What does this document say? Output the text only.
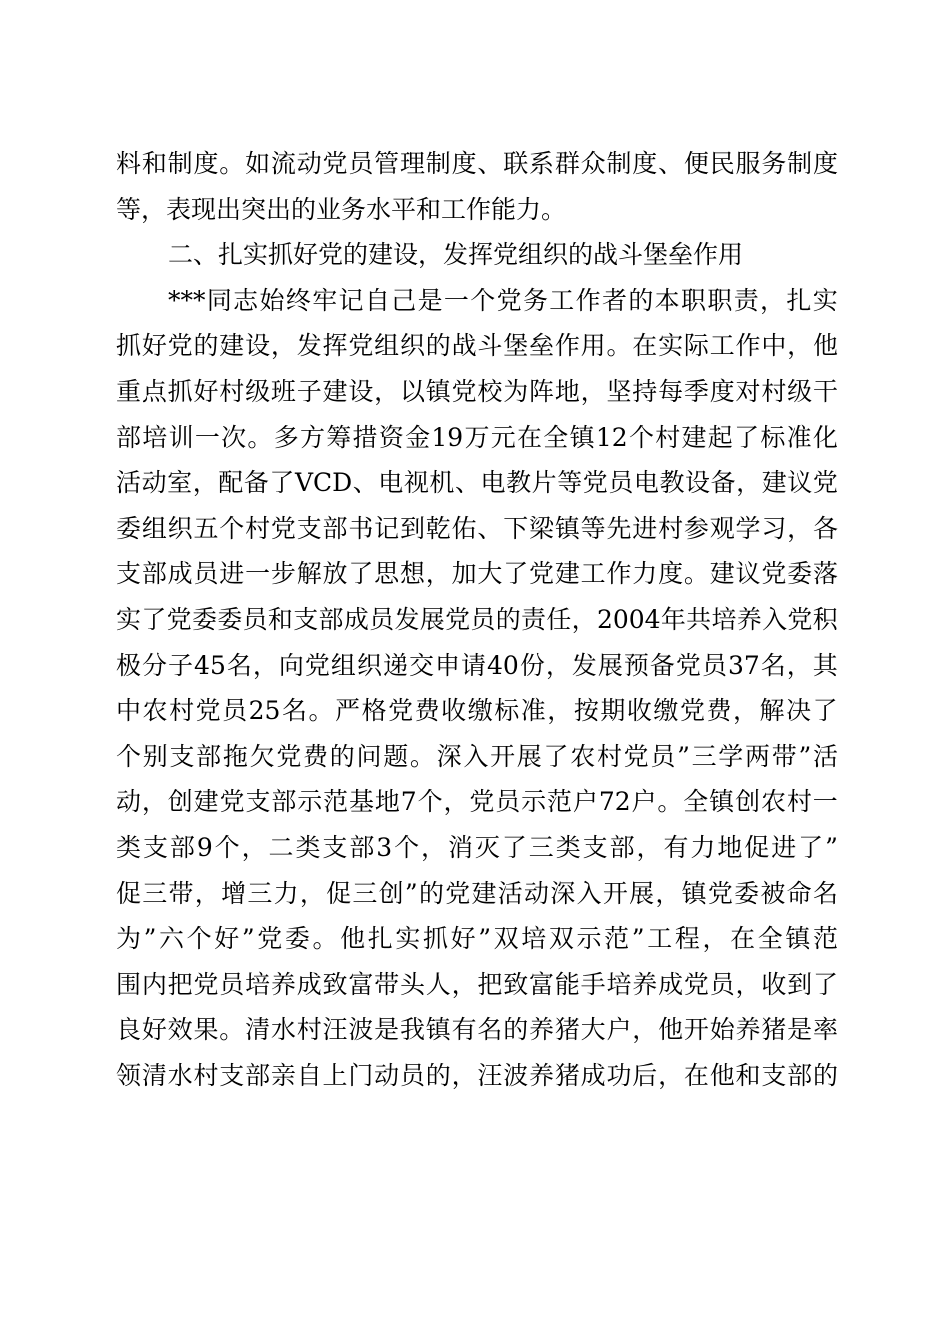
料 和 制 度 。 如 流 动 党 员 管 理 制 度 、 联 系 群 众 制 度 、 便 民 服 务 制 度
等，表现出突出的业务水平和工作能力。
二、扎实抓好党的建设，发挥党组织的战斗堡垒作用
*** 同 志 始 终 牢 记 自 己 是 一 个 党 务 工 作 者 的 本 职 职 责 ， 扎 实
抓 好 党 的 建 设 ， 发 挥 党 组 织 的 战 斗 堡 垒 作 用 。 在 实 际 工 作 中 ， 他
重 点 抓 好 村 级 班 子 建 设 ， 以 镇 党 校 为 阵 地 ， 坚 持 每 季 度 对 村 级 干
部 培 训 一 次 。 多 方 筹 措 资 金 19 万 元 在 全 镇 12 个 村 建 起 了 标 准 化
活 动 室 ， 配 备 了 VCD 、 电 视 机 、 电 教 片 等 党 员 电 教 设 备 ， 建 议 党
委 组 织 五 个 村 党 支 部 书 记 到 乾 佑 、 下 梁 镇 等 先 进 村 参 观 学 习 ， 各
支 部 成 员 进 一 步 解 放 了 思 想 ， 加 大 了 党 建 工 作 力 度 。 建 议 党 委 落
实 了 党 委 委 员 和 支 部 成 员 发 展 党 员 的 责 任 ， 2004 年 共 培 养 入 党 积
极 分 子 45 名 ， 向 党 组 织 递 交 申 请 40 份 ， 发 展 预 备 党 员 37 名 ， 其
中 农 村 党 员 25 名 。 严 格 党 费 收 缴 标 准 ， 按 期 收 缴 党 费 ， 解 决 了
个 别 支 部 拖 欠 党 费 的 问 题 。 深 入 开 展 了 农 村 党 员 ” 三 学 两 带 ” 活
动 ， 创 建 党 支 部 示 范 基 地 7 个 ， 党 员 示 范 户 72 户 。 全 镇 创 农 村 一
类 支 部 9 个 ， 二 类 支 部 3 个 ， 消 灭 了 三 类 支 部 ， 有 力 地 促 进 了 ”
促 三 带 ， 增 三 力 ， 促 三 创 ” 的 党 建 活 动 深 入 开 展 ， 镇 党 委 被 命 名
为 ” 六 个 好 ” 党 委 。 他 扎 实 抓 好 ” 双 培 双 示 范 ” 工 程 ， 在 全 镇 范
围 内 把 党 员 培 养 成 致 富 带 头 人 ， 把 致 富 能 手 培 养 成 党 员 ， 收 到 了
良 好 效 果 。 清 水 村 汪 波 是 我 镇 有 名 的 养 猪 大 户 ， 他 开 始 养 猪 是 率
领 清 水 村 支 部 亲 自 上 门 动 员 的 ， 汪 波 养 猪 成 功 后 ， 在 他 和 支 部 的
